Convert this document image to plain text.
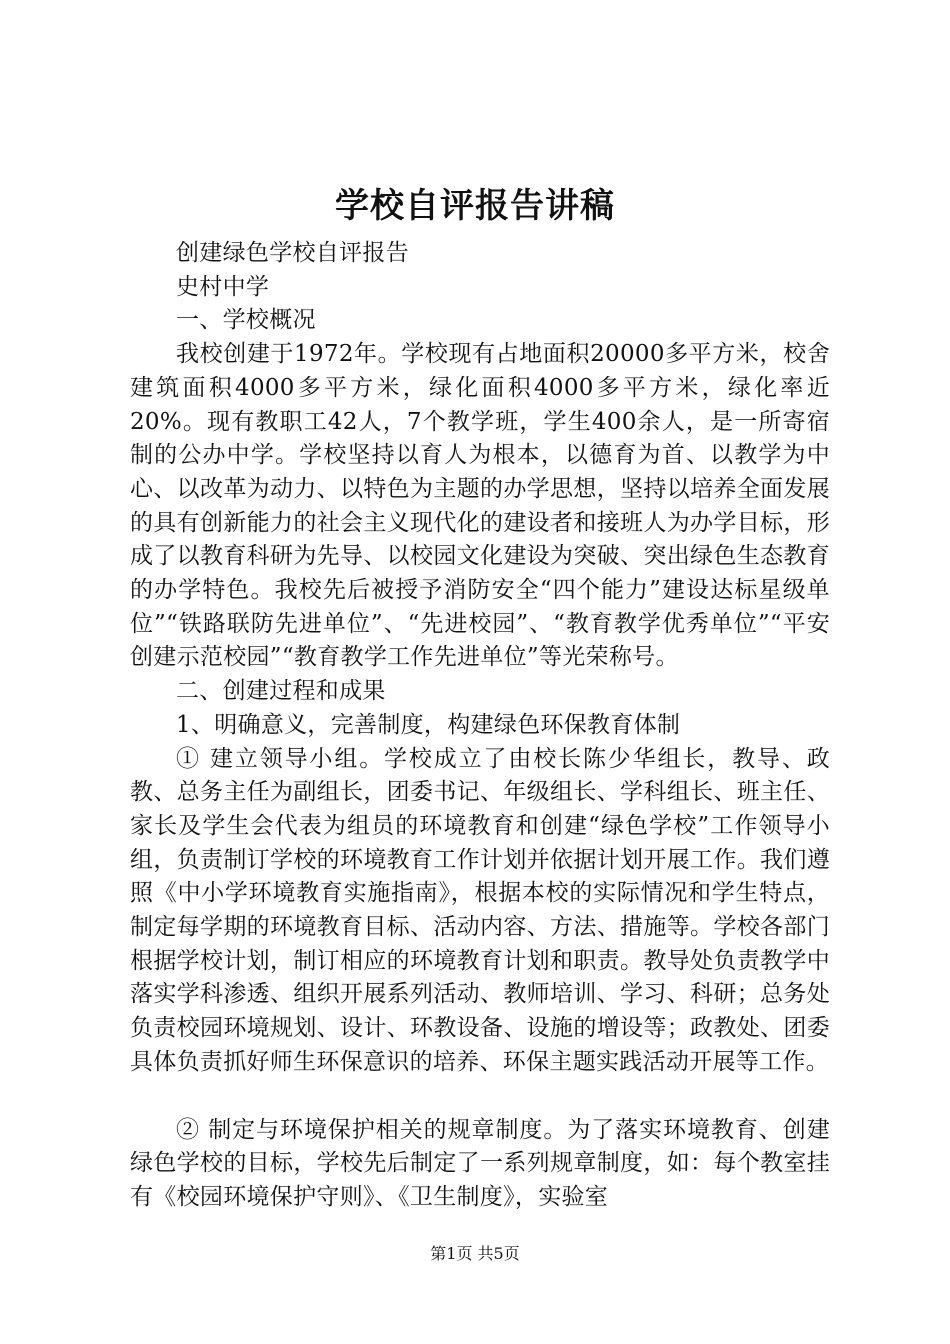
学校自评报告讲稿

创建绿色学校自评报告

史村中学

一、学校概况

我校创建于1972年。学校现有占地面积20000多平方米，校舍建筑面积4000多平方米，绿化面积4000多平方米，绿化率近20%。现有教职工42人，7个教学班，学生400余人，是一所寄宿制的公办中学。学校坚持以育人为根本，以德育为首、以教学为中心、以改革为动力、以特色为主题的办学思想，坚持以培养全面发展的具有创新能力的社会主义现代化的建设者和接班人为办学目标，形成了以教育科研为先导、以校园文化建设为突破、突出绿色生态教育的办学特色。我校先后被授予消防安全“四个能力”建设达标星级单位”“铁路联防先进单位”、“先进校园”、“教育教学优秀单位”“平安创建示范校园”“教育教学工作先进单位”等光荣称号。

二、创建过程和成果

1、明确意义，完善制度，构建绿色环保教育体制

① 建立领导小组。学校成立了由校长陈少华组长，教导、政教、总务主任为副组长，团委书记、年级组长、学科组长、班主任、家长及学生会代表为组员的环境教育和创建“绿色学校”工作领导小组，负责制订学校的环境教育工作计划并依据计划开展工作。我们遵照《中小学环境教育实施指南》，根据本校的实际情况和学生特点，制定每学期的环境教育目标、活动内容、方法、措施等。学校各部门根据学校计划，制订相应的环境教育计划和职责。教导处负责教学中落实学科渗透、组织开展系列活动、教师培训、学习、科研；总务处负责校园环境规划、设计、环教设备、设施的增设等；政教处、团委具体负责抓好师生环保意识的培养、环保主题实践活动开展等工作。

② 制定与环境保护相关的规章制度。为了落实环境教育、创建绿色学校的目标，学校先后制定了一系列规章制度，如：每个教室挂有《校园环境保护守则》、《卫生制度》，实验室

第1页 共5页
